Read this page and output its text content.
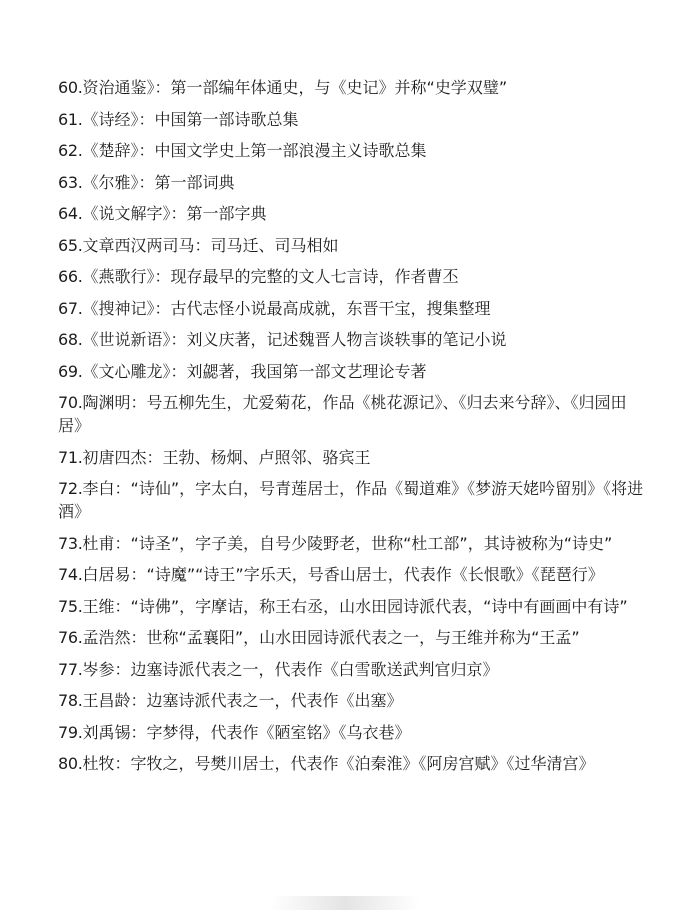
60.资治通鉴》：第一部编年体通史，与《史记》并称“史学双璧”
61.《诗经》：中国第一部诗歌总集
62.《楚辞》：中国文学史上第一部浪漫主义诗歌总集
63.《尔雅》：第一部词典
64.《说文解字》：第一部字典
65.文章西汉两司马：司马迁、司马相如
66.《燕歌行》：现存最早的完整的文人七言诗，作者曹丕
67.《搜神记》：古代志怪小说最高成就，东晋干宝，搜集整理
68.《世说新语》：刘义庆著，记述魏晋人物言谈轶事的笔记小说
69.《文心雕龙》：刘勰著，我国第一部文艺理论专著
70.陶渊明：号五柳先生，尤爱菊花，作品《桃花源记》、《归去来兮辞》、《归园田居》
71.初唐四杰：王勃、杨炯、卢照邻、骆宾王
72.李白：“诗仙”，字太白，号青莲居士，作品《蜀道难》《梦游天姥吟留别》《将进酒》
73.杜甫：“诗圣”，字子美，自号少陵野老，世称“杜工部”，其诗被称为“诗史”
74.白居易：“诗魔”“诗王”字乐天，号香山居士，代表作《长恨歌》《琵琶行》
75.王维：“诗佛”，字摩诘，称王右丞，山水田园诗派代表，“诗中有画画中有诗”
76.孟浩然：世称“孟襄阳”，山水田园诗派代表之一，与王维并称为“王孟”
77.岑参：边塞诗派代表之一，代表作《白雪歌送武判官归京》
78.王昌龄：边塞诗派代表之一，代表作《出塞》
79.刘禹锡：字梦得，代表作《陋室铭》《乌衣巷》
80.杜牧：字牧之，号樊川居士，代表作《泊秦淮》《阿房宫赋》《过华清宫》
